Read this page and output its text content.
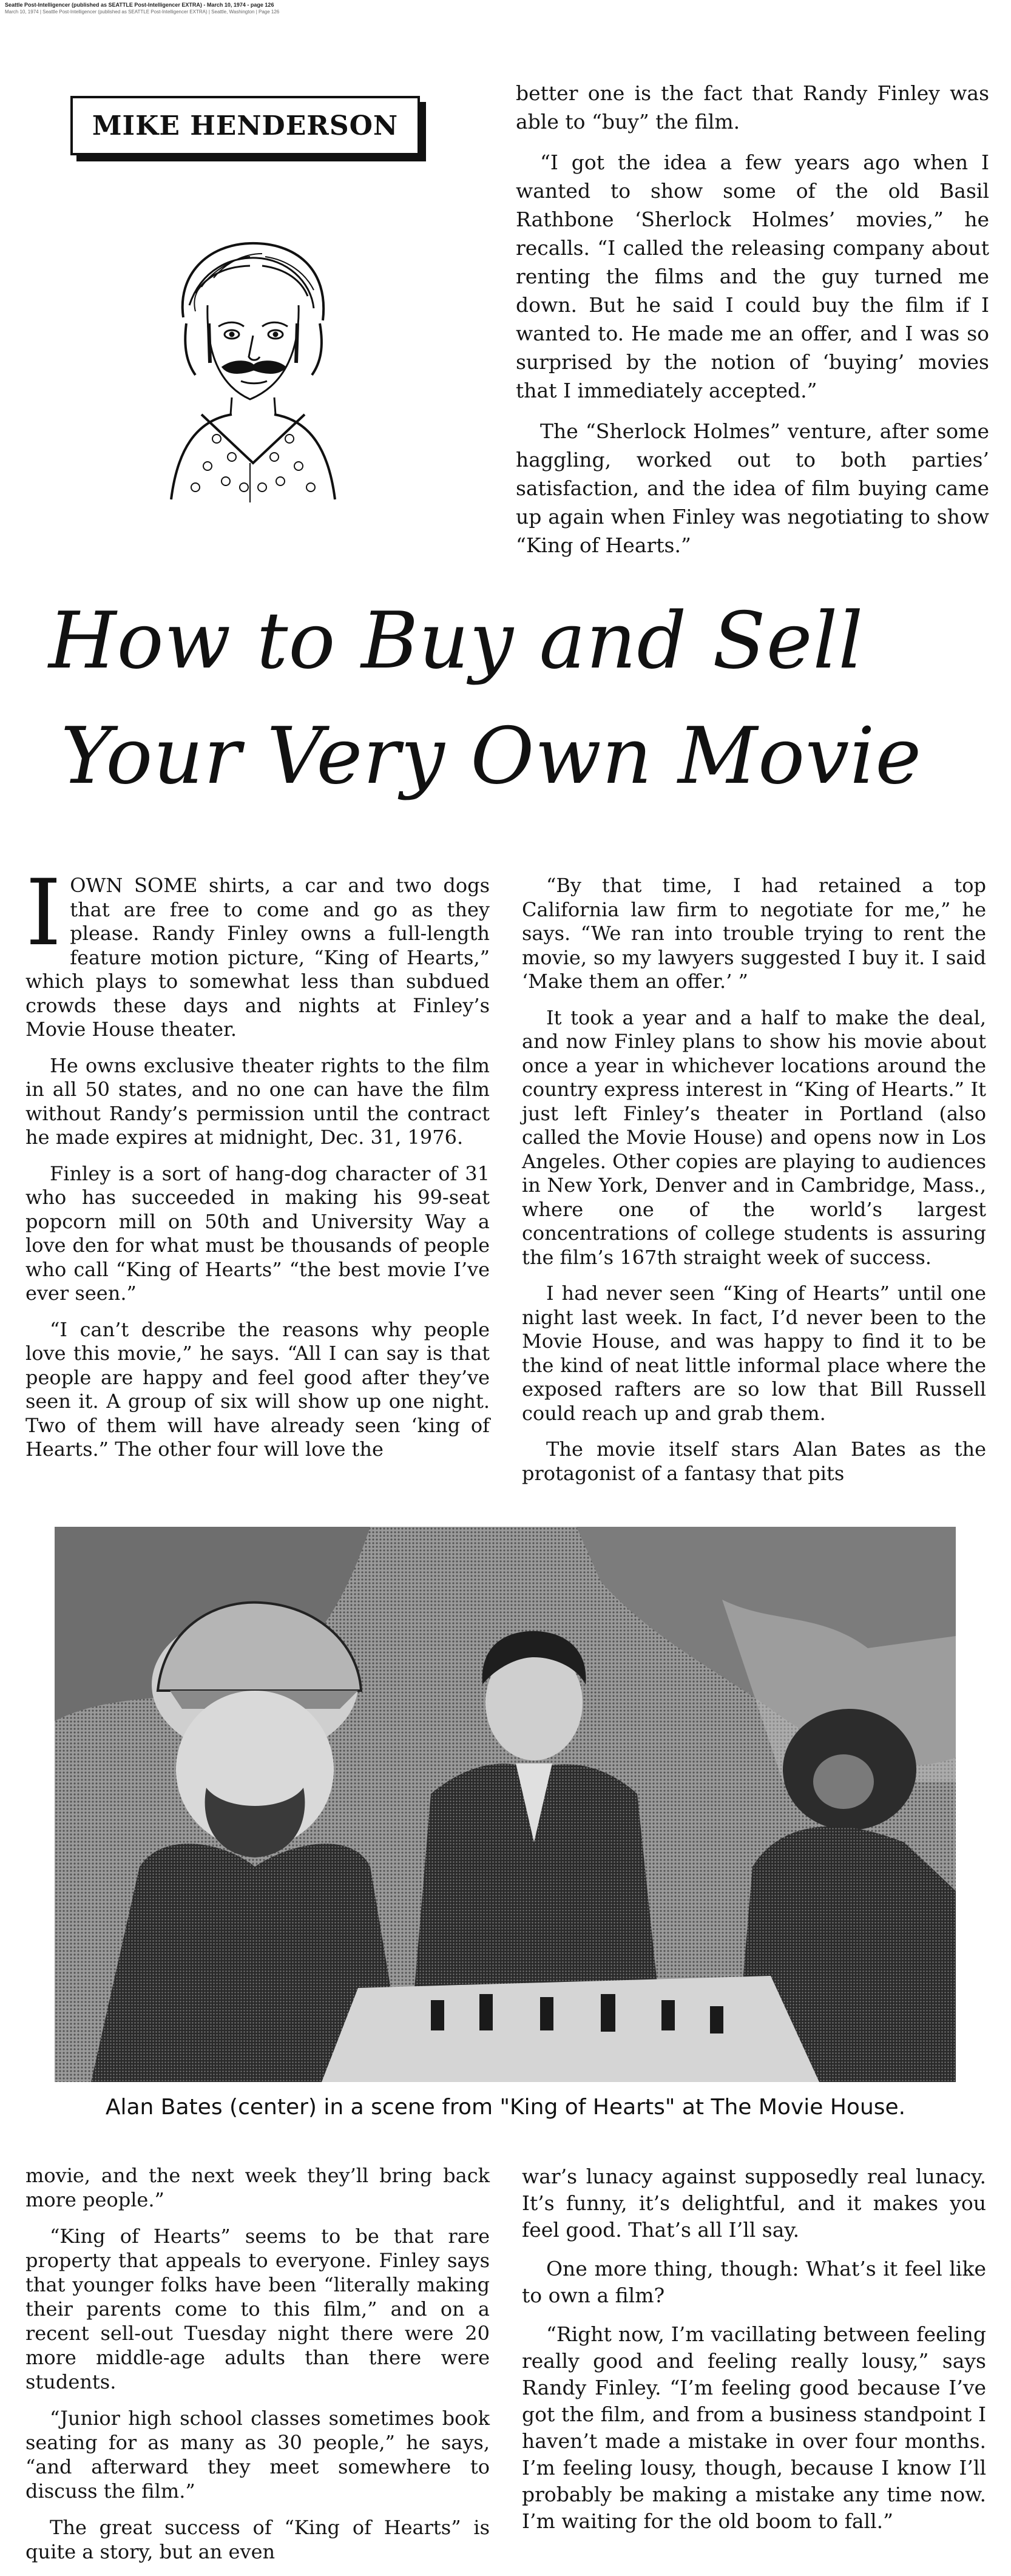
Seattle Post-Intelligencer (published as SEATTLE Post-Intelligencer EXTRA) - March 10, 1974 - page 126
March 10, 1974 | Seattle Post-Intelligencer (published as SEATTLE Post-Intelligencer EXTRA) | Seattle, Washington | Page 126
MIKE HENDERSON

better one is the fact that Randy Finley was able to “buy” the film.

“I got the idea a few years ago when I wanted to show some of the old Basil Rathbone ‘Sherlock Holmes’ movies,” he recalls. “I called the releasing company about renting the films and the guy turned me down. But he said I could buy the film if I wanted to. He made me an offer, and I was so surprised by the notion of ‘buying’ movies that I immediately accepted.”

The “Sherlock Holmes” venture, after some haggling, worked out to both parties’ satisfaction, and the idea of film buying came up again when Finley was negotiating to show “King of Hearts.”

How to Buy and Sell
Your Very Own Movie

IOWN SOME shirts, a car and two dogs that are free to come and go as they please. Randy Finley owns a full-length feature motion picture, “King of Hearts,” which plays to somewhat less than subdued crowds these days and nights at Finley’s Movie House theater.

He owns exclusive theater rights to the film in all 50 states, and no one can have the film without Randy’s permission until the contract he made expires at midnight, Dec. 31, 1976.

Finley is a sort of hang-dog character of 31 who has succeeded in making his 99-seat popcorn mill on 50th and University Way a love den for what must be thousands of people who call “King of Hearts” “the best movie I’ve ever seen.”

“I can’t describe the reasons why people love this movie,” he says. “All I can say is that people are happy and feel good after they’ve seen it. A group of six will show up one night. Two of them will have already seen ‘king of Hearts.” The other four will love the

“By that time, I had retained a top California law firm to negotiate for me,” he says. “We ran into trouble trying to rent the movie, so my lawyers suggested I buy it. I said ‘Make them an offer.’ ”

It took a year and a half to make the deal, and now Finley plans to show his movie about once a year in whichever locations around the country express interest in “King of Hearts.” It just left Finley’s theater in Portland (also called the Movie House) and opens now in Los Angeles. Other copies are playing to audiences in New York, Denver and in Cambridge, Mass., where one of the world’s largest concentrations of college students is assuring the film’s 167th straight week of success.

I had never seen “King of Hearts” until one night last week. In fact, I’d never been to the Movie House, and was happy to find it to be the kind of neat little informal place where the exposed rafters are so low that Bill Russell could reach up and grab them.

The movie itself stars Alan Bates as the protagonist of a fantasy that pits

Alan Bates (center) in a scene from "King of Hearts" at The Movie House.

movie, and the next week they’ll bring back more people.”

“King of Hearts” seems to be that rare property that appeals to everyone. Finley says that younger folks have been “literally making their parents come to this film,” and on a recent sell-out Tuesday night there were 20 more middle-age adults than there were students.

“Junior high school classes sometimes book seating for as many as 30 people,” he says, “and afterward they meet somewhere to discuss the film.”

The great success of “King of Hearts” is quite a story, but an even

war’s lunacy against supposedly real lunacy. It’s funny, it’s delightful, and it makes you feel good. That’s all I’ll say.

One more thing, though: What’s it feel like to own a film?

“Right now, I’m vacillating between feeling really good and feeling really lousy,” says Randy Finley. “I’m feeling good because I’ve got the film, and from a business standpoint I haven’t made a mistake in over four months. I’m feeling lousy, though, because I know I’ll probably be making a mistake any time now. I’m waiting for the old boom to fall.”
